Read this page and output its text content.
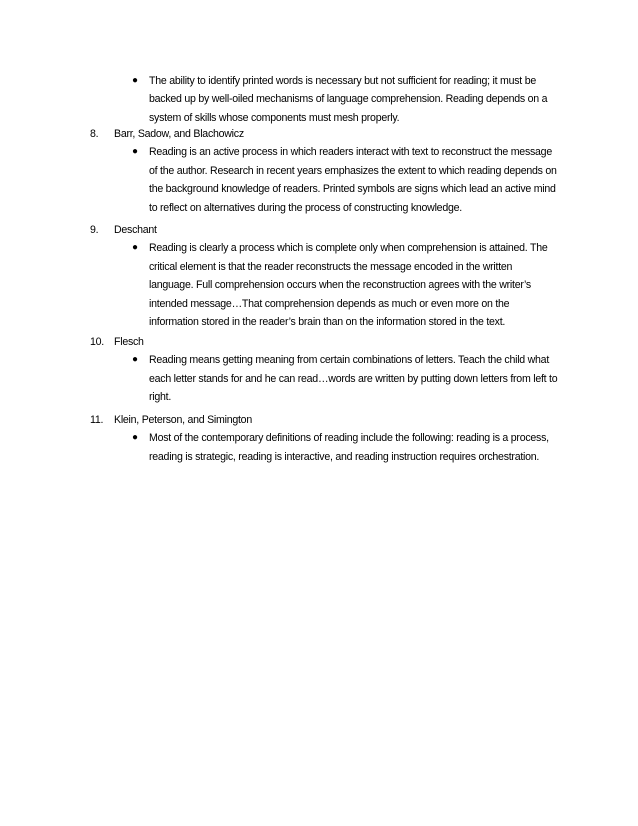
● The ability to identify printed words is necessary but not sufficient for reading; it must be backed up by well-oiled mechanisms of language comprehension. Reading depends on a system of skills whose components must mesh properly.
8.	Barr, Sadow, and Blachowicz
● Reading is an active process in which readers interact with text to reconstruct the message of the author. Research in recent years emphasizes the extent to which reading depends on the background knowledge of readers. Printed symbols are signs which lead an active mind to reflect on alternatives during the process of constructing knowledge.
9.	Deschant
● Reading is clearly a process which is complete only when comprehension is attained. The critical element is that the reader reconstructs the message encoded in the written language. Full comprehension occurs when the reconstruction agrees with the writer’s intended message…That comprehension depends as much or even more on the information stored in the reader’s brain than on the information stored in the text.
10. Flesch
● Reading means getting meaning from certain combinations of letters. Teach the child what each letter stands for and he can read…words are written by putting down letters from left to right.
11.	Klein, Peterson, and Simington
● Most of the contemporary definitions of reading include the following: reading is a process, reading is strategic, reading is interactive, and reading instruction requires orchestration.
